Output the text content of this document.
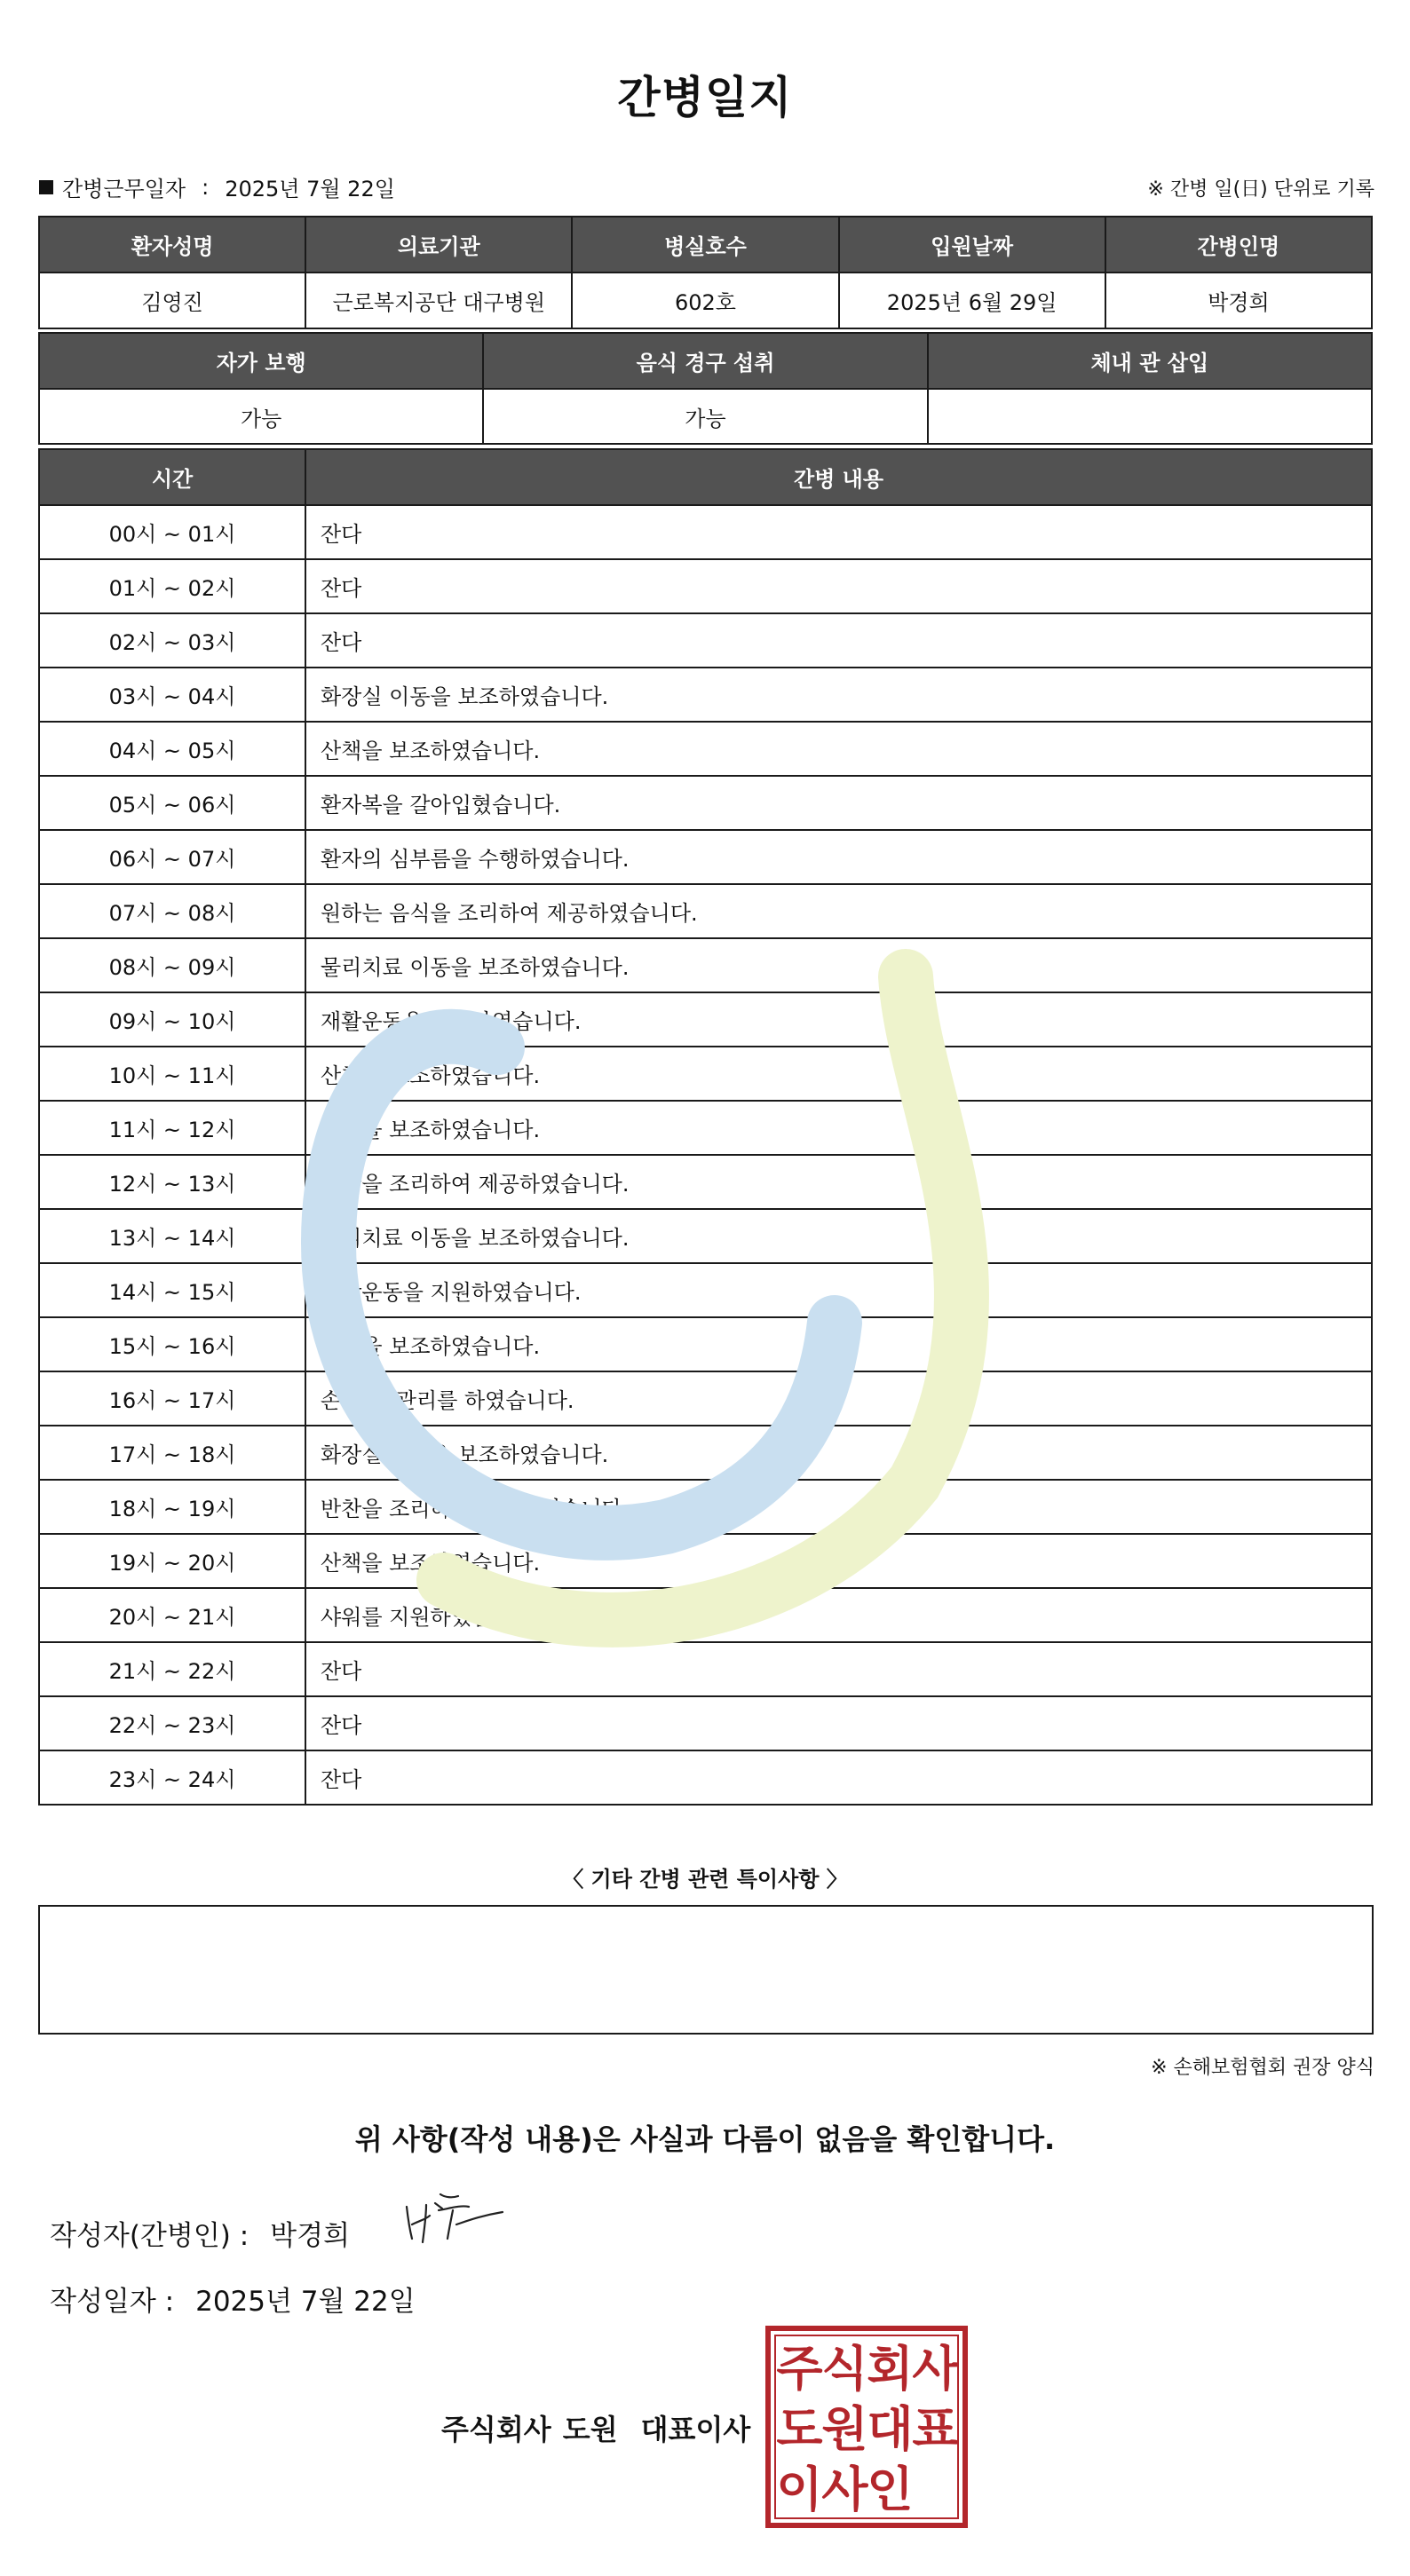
간병일지
간병근무일자 : 2025년 7월 22일	※ 간병 일(日) 단위로 기록
환자성명	의료기관	병실호수	입원날짜	간병인명
김영진	근로복지공단 대구병원	602호	2025년 6월 29일	박경희
자가 보행	음식 경구 섭취	체내 관 삽입
가능	가능	
시간	간병 내용
00시 ~ 01시	잔다
01시 ~ 02시	잔다
02시 ~ 03시	잔다
03시 ~ 04시	화장실 이동을 보조하였습니다.
04시 ~ 05시	산책을 보조하였습니다.
05시 ~ 06시	환자복을 갈아입혔습니다.
06시 ~ 07시	환자의 심부름을 수행하였습니다.
07시 ~ 08시	원하는 음식을 조리하여 제공하였습니다.
08시 ~ 09시	물리치료 이동을 보조하였습니다.
09시 ~ 10시	재활운동을 지원하였습니다.
10시 ~ 11시	산책을 보조하였습니다.
11시 ~ 12시	세면을 보조하였습니다.
12시 ~ 13시	반찬을 조리하여 제공하였습니다.
13시 ~ 14시	물리치료 이동을 보조하였습니다.
14시 ~ 15시	재활운동을 지원하였습니다.
15시 ~ 16시	산책을 보조하였습니다.
16시 ~ 17시	손·발톱 관리를 하였습니다.
17시 ~ 18시	화장실 이동을 보조하였습니다.
18시 ~ 19시	반찬을 조리하여 제공하였습니다.
19시 ~ 20시	산책을 보조하였습니다.
20시 ~ 21시	샤워를 지원하였습니다.
21시 ~ 22시	잔다
22시 ~ 23시	잔다
23시 ~ 24시	잔다
〈 기타 간병 관련 특이사항 〉
※ 손해보험협회 권장 양식
위 사항(작성 내용)은 사실과 다름이 없음을 확인합니다.
작성자(간병인) : 박경희
작성일자 : 2025년 7월 22일
주식회사 도원 대표이사
주
식
회
사
도
원
대
표
이
사
인
